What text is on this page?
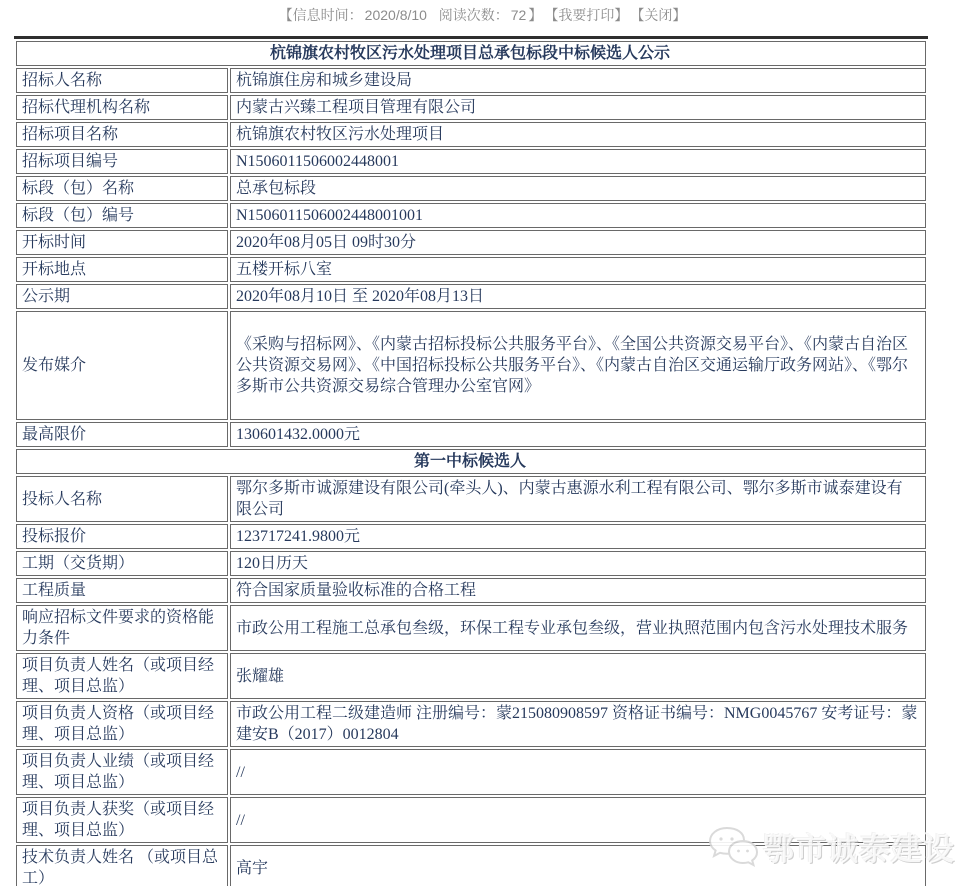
【信息时间： 2020/8/10
阅读次数： 72 】 【我要打印】 【关闭】
杭锦旗农村牧区污水处理项目总承包标段中标候选人公示	
招标人名称	杭锦旗住房和城乡建设局
招标代理机构名称	内蒙古兴臻工程项目管理有限公司
招标项目名称	杭锦旗农村牧区污水处理项目
招标项目编号	N1506011506002448001
标段（包）名称	总承包标段
标段（包）编号	N1506011506002448001001
开标时间	2020年08月05日 09时30分
开标地点	五楼开标八室
公示期	2020年08月10日 至 2020年08月13日
发布媒介	《采购与招标网》、《内蒙古招标投标公共服务平台》、《全国公共资源交易平台》、《内蒙古自治区公共资源交易网》、《中国招标投标公共服务平台》、《内蒙古自治区交通运输厅政务网站》、《鄂尔多斯市公共资源交易综合管理办公室官网》
最高限价	130601432.0000元
第一中标候选人	
投标人名称	鄂尔多斯市诚源建设有限公司(牵头人)、内蒙古惠源水利工程有限公司、鄂尔多斯市诚泰建设有限公司
投标报价	123717241.9800元
工期（交货期）	120日历天
工程质量	符合国家质量验收标准的合格工程
响应招标文件要求的资格能力条件	市政公用工程施工总承包叁级，环保工程专业承包叁级，营业执照范围内包含污水处理技术服务
项目负责人姓名（或项目经理、项目总监）	张耀雄
项目负责人资格（或项目经理、项目总监）	市政公用工程二级建造师 注册编号：蒙215080908597 资格证书编号：NMG0045767 安考证号：蒙建安B（2017）0012804
项目负责人业绩（或项目经理、项目总监）	//
项目负责人获奖（或项目经理、项目总监）	//
技术负责人姓名 （或项目总工）	高宇
鄂市诚泰建设
